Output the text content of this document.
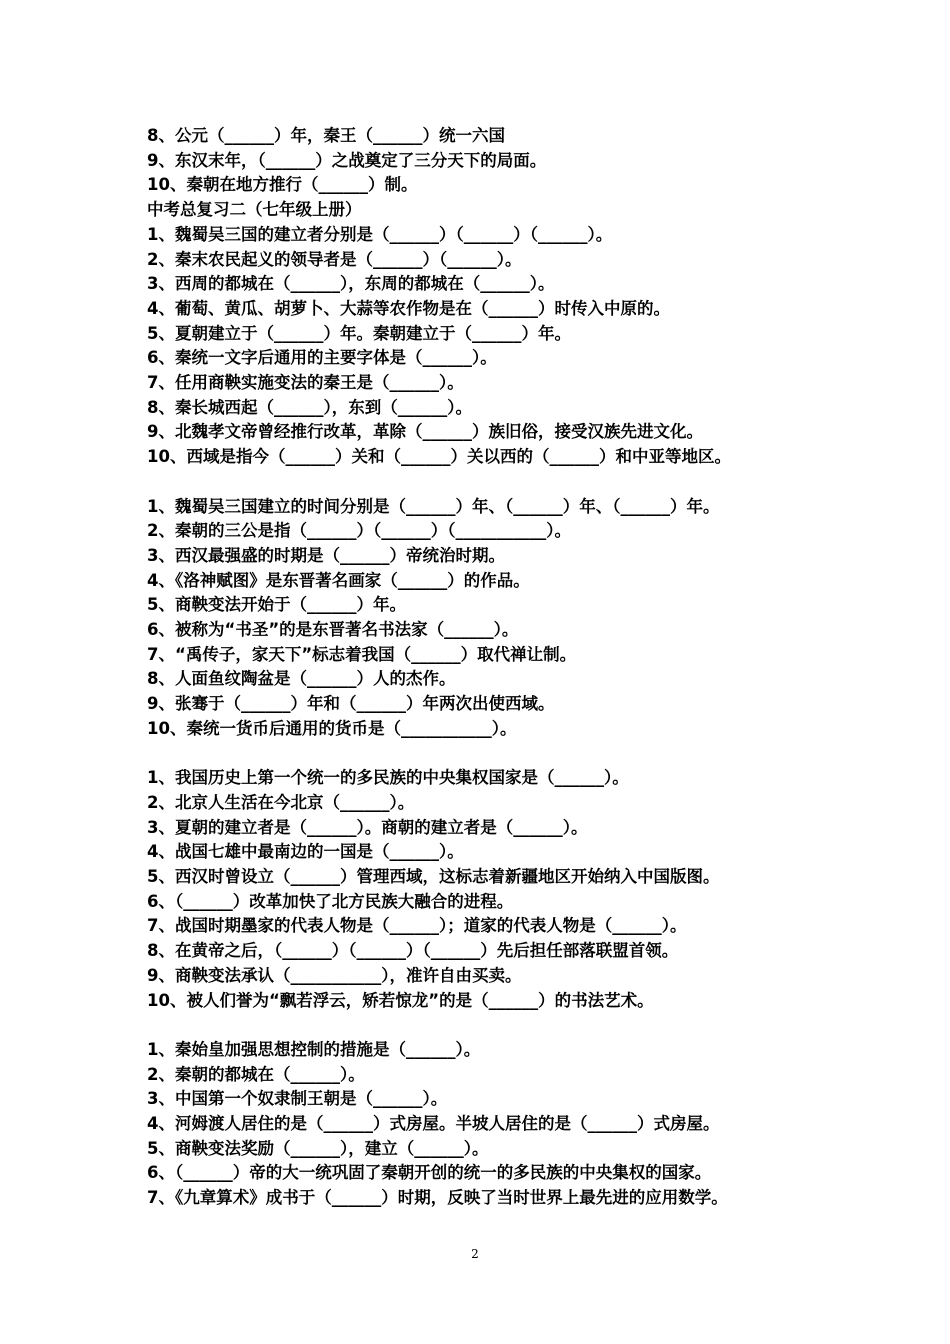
8、公元（______）年，秦王（______）统一六国
9、东汉末年，（______）之战奠定了三分天下的局面。
10、秦朝在地方推行（______）制。
中考总复习二（七年级上册）
1、魏蜀吴三国的建立者分别是（______）（______）（______）。
2、秦末农民起义的领导者是（______）（______）。
3、西周的都城在（______），东周的都城在（______）。
4、葡萄、黄瓜、胡萝卜、大蒜等农作物是在（______）时传入中原的。
5、夏朝建立于（______）年。秦朝建立于（______）年。
6、秦统一文字后通用的主要字体是（______）。
7、任用商鞅实施变法的秦王是（______）。
8、秦长城西起（______），东到（______）。
9、北魏孝文帝曾经推行改革，革除（______）族旧俗，接受汉族先进文化。
10、西域是指今（______）关和（______）关以西的（______）和中亚等地区。
1、魏蜀吴三国建立的时间分别是（______）年、（______）年、（______）年。
2、秦朝的三公是指（______）（______）（___________）。
3、西汉最强盛的时期是（______）帝统治时期。
4、《洛神赋图》是东晋著名画家（______）的作品。
5、商鞅变法开始于（______）年。
6、被称为“书圣”的是东晋著名书法家（______）。
7、“禹传子，家天下”标志着我国（______）取代禅让制。
8、人面鱼纹陶盆是（______）人的杰作。
9、张骞于（______）年和（______）年两次出使西域。
10、秦统一货币后通用的货币是（___________）。
1、我国历史上第一个统一的多民族的中央集权国家是（______）。
2、北京人生活在今北京（______）。
3、夏朝的建立者是（______）。商朝的建立者是（______）。
4、战国七雄中最南边的一国是（______）。
5、西汉时曾设立（______）管理西域，这标志着新疆地区开始纳入中国版图。
6、（______）改革加快了北方民族大融合的进程。
7、战国时期墨家的代表人物是（______）；道家的代表人物是（______）。
8、在黄帝之后，（______）（______）（______）先后担任部落联盟首领。
9、商鞅变法承认（___________），准许自由买卖。
10、被人们誉为“飘若浮云，矫若惊龙”的是（______）的书法艺术。
1、秦始皇加强思想控制的措施是（______）。
2、秦朝的都城在（______）。
3、中国第一个奴隶制王朝是（______）。
4、河姆渡人居住的是（______）式房屋。半坡人居住的是（______）式房屋。
5、商鞅变法奖励（______），建立（______）。
6、（______）帝的大一统巩固了秦朝开创的统一的多民族的中央集权的国家。
7、《九章算术》成书于（______）时期，反映了当时世界上最先进的应用数学。
2
